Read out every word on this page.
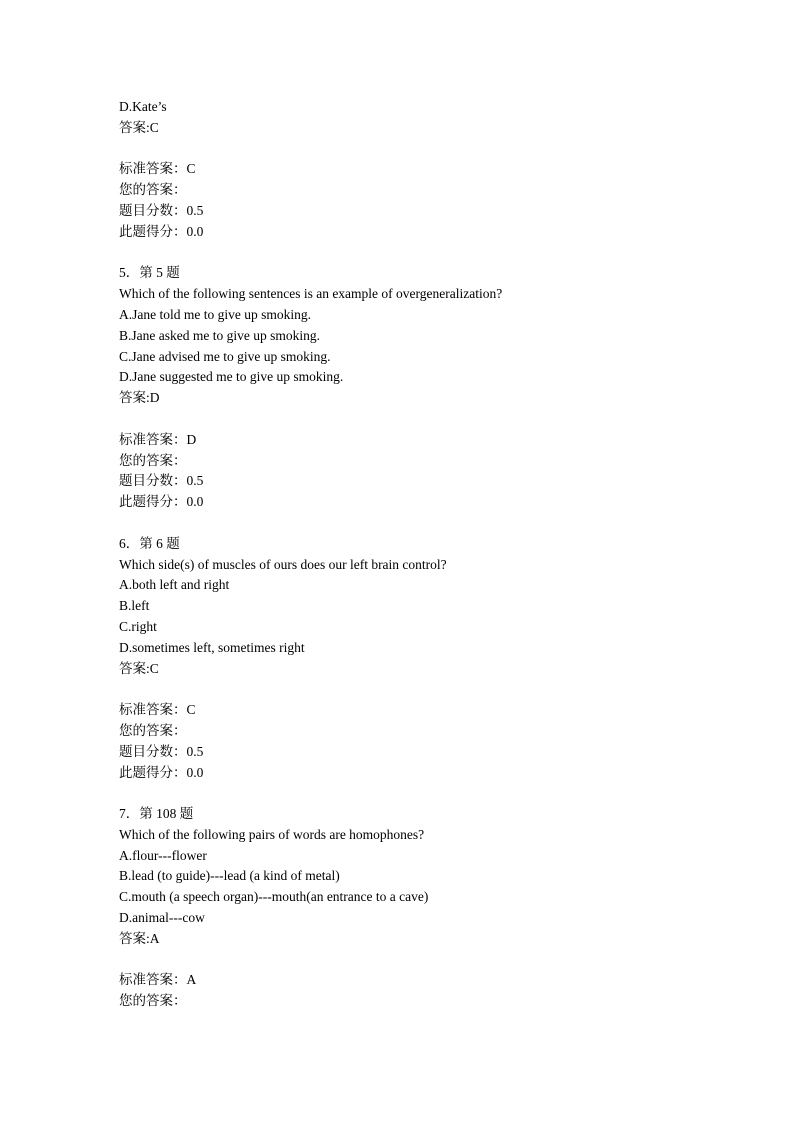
D.Kate’s
答案:C
标准答案：C
您的答案：
题目分数：0.5
此题得分：0.0
5．第 5 题
Which of the following sentences is an example of overgeneralization?
A.Jane told me to give up smoking.
B.Jane asked me to give up smoking.
C.Jane advised me to give up smoking.
D.Jane suggested me to give up smoking.
答案:D
标准答案：D
您的答案：
题目分数：0.5
此题得分：0.0
6．第 6 题
Which side(s) of muscles of ours does our left brain control?
A.both left and right
B.left
C.right
D.sometimes left, sometimes right
答案:C
标准答案：C
您的答案：
题目分数：0.5
此题得分：0.0
7．第 108 题
Which of the following pairs of words are homophones?
A.flour---flower
B.lead (to guide)---lead (a kind of metal)
C.mouth (a speech organ)---mouth(an entrance to a cave)
D.animal---cow
答案:A
标准答案：A
您的答案：
